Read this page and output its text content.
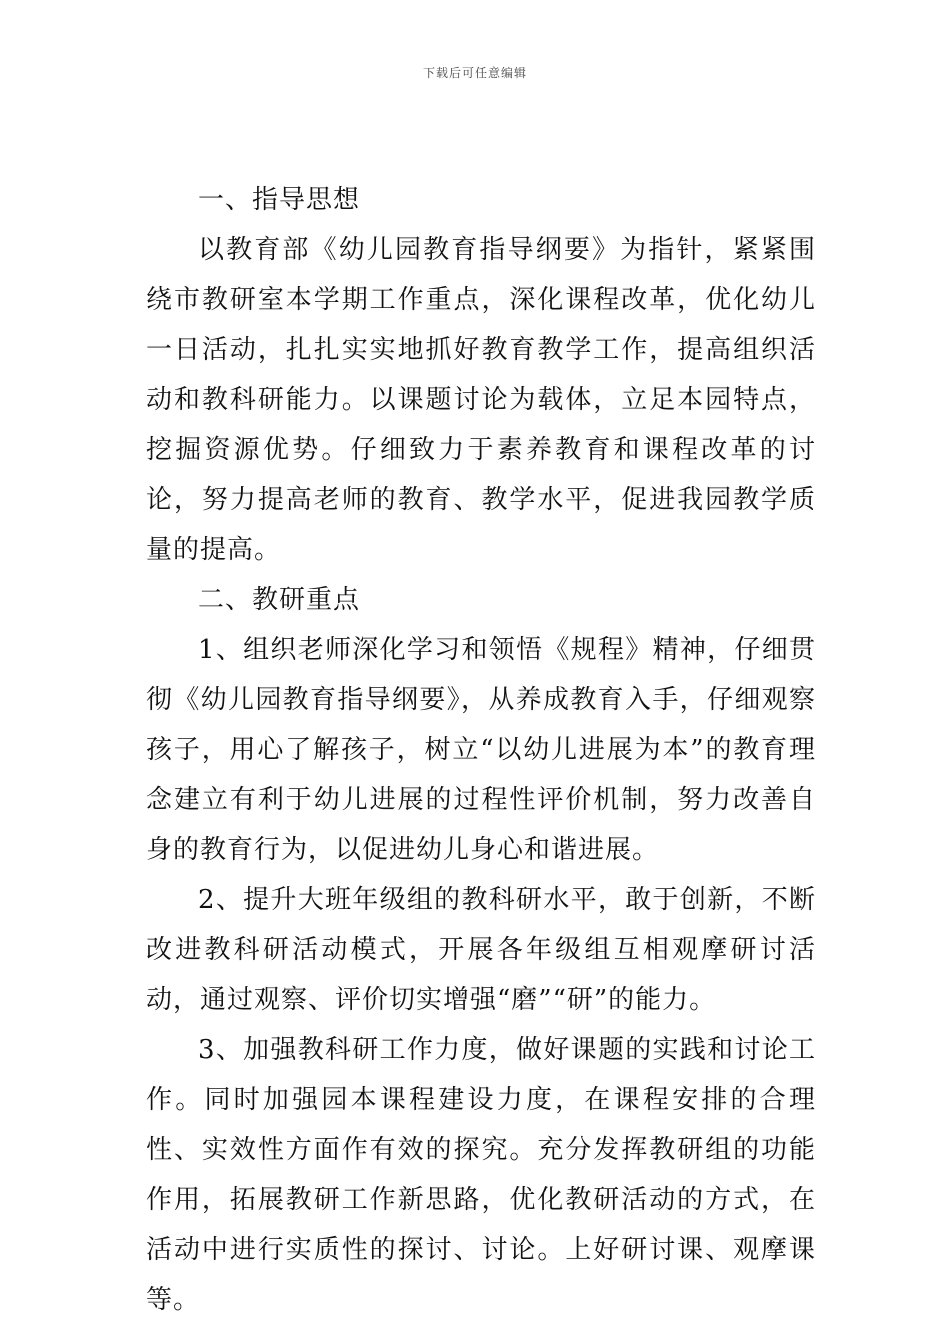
下载后可任意编辑

一、指导思想

以教育部《幼儿园教育指导纲要》为指针，紧紧围绕市教研室本学期工作重点，深化课程改革，优化幼儿一日活动，扎扎实实地抓好教育教学工作，提高组织活动和教科研能力。以课题讨论为载体，立足本园特点，挖掘资源优势。仔细致力于素养教育和课程改革的讨论，努力提高老师的教育、教学水平，促进我园教学质量的提高。

二、教研重点

1、组织老师深化学习和领悟《规程》精神，仔细贯彻《幼儿园教育指导纲要》，从养成教育入手，仔细观察孩子，用心了解孩子，树立“以幼儿进展为本”的教育理念建立有利于幼儿进展的过程性评价机制，努力改善自身的教育行为，以促进幼儿身心和谐进展。

2、提升大班年级组的教科研水平，敢于创新，不断改进教科研活动模式，开展各年级组互相观摩研讨活动，通过观察、评价切实增强“磨”“研”的能力。

3、加强教科研工作力度，做好课题的实践和讨论工作。同时加强园本课程建设力度，在课程安排的合理性、实效性方面作有效的探究。充分发挥教研组的功能作用，拓展教研工作新思路，优化教研活动的方式，在活动中进行实质性的探讨、讨论。上好研讨课、观摩课等。
